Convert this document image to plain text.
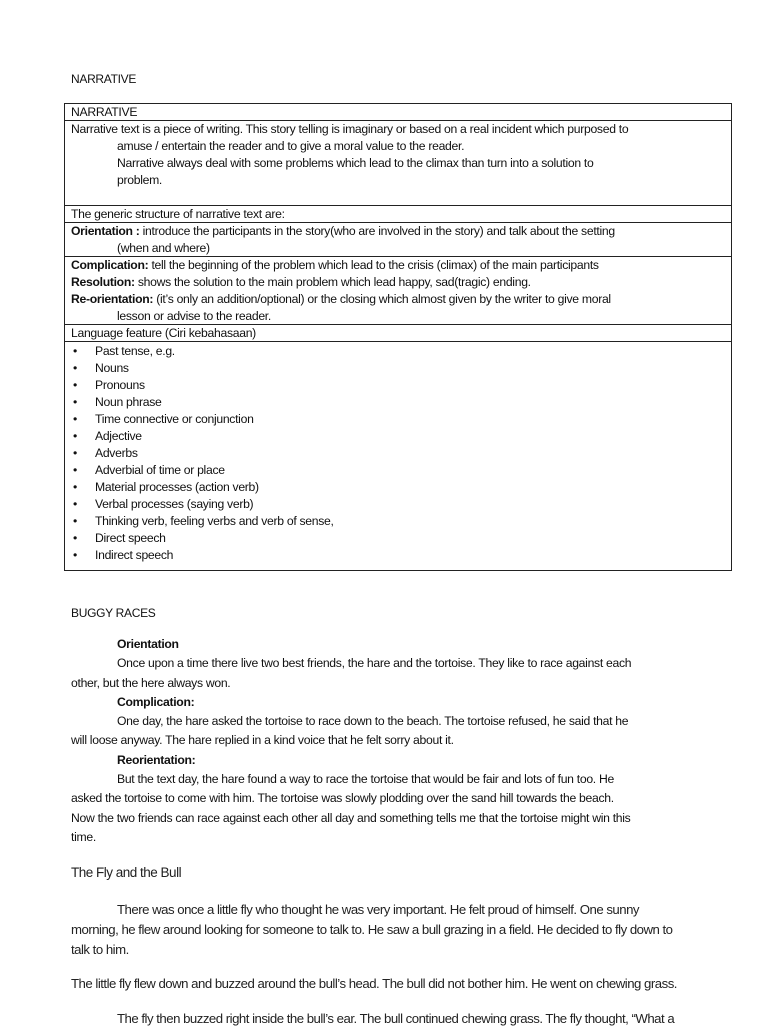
NARRATIVE
NARRATIVE
Narrative text is a piece of writing. This story telling is imaginary or based on a real incident which purposed to
amuse / entertain the reader and to give a moral value to the reader.
Narrative always deal with some problems which lead to the climax than turn into a solution to
problem.
The generic structure of narrative text are:
Orientation : introduce the participants in the story(who are involved in the story) and talk about the setting
(when and where)
Complication: tell the beginning of the problem which lead to the crisis (climax) of the main participants
Resolution: shows the solution to the main problem which lead happy, sad(tragic) ending.
Re-orientation: (it’s only an addition/optional) or the closing which almost given by the writer to give moral
lesson or advise to the reader.
Language feature (Ciri kebahasaan)
• Past tense, e.g.
• Nouns
• Pronouns
• Noun phrase
• Time connective or conjunction
• Adjective
• Adverbs
• Adverbial of time or place
• Material processes (action verb)
• Verbal processes (saying verb)
• Thinking verb, feeling verbs and verb of sense,
• Direct speech
• Indirect speech
BUGGY RACES
Orientation
Once upon a time there live two best friends, the hare and the tortoise. They like to race against each
other, but the here always won.
Complication:
One day, the hare asked the tortoise to race down to the beach. The tortoise refused, he said that he
will loose anyway. The hare replied in a kind voice that he felt sorry about it.
Reorientation:
But the text day, the hare found a way to race the tortoise that would be fair and lots of fun too. He
asked the tortoise to come with him. The tortoise was slowly plodding over the sand hill towards the beach.
Now the two friends can race against each other all day and something tells me that the tortoise might win this
time.
The Fly and the Bull
There was once a little fly who thought he was very important. He felt proud of himself. One sunny
morning, he flew around looking for someone to talk to. He saw a bull grazing in a field. He decided to fly down to
talk to him.
The little fly flew down and buzzed around the bull’s head. The bull did not bother him. He went on chewing grass.
The fly then buzzed right inside the bull’s ear. The bull continued chewing grass. The fly thought, “What a
